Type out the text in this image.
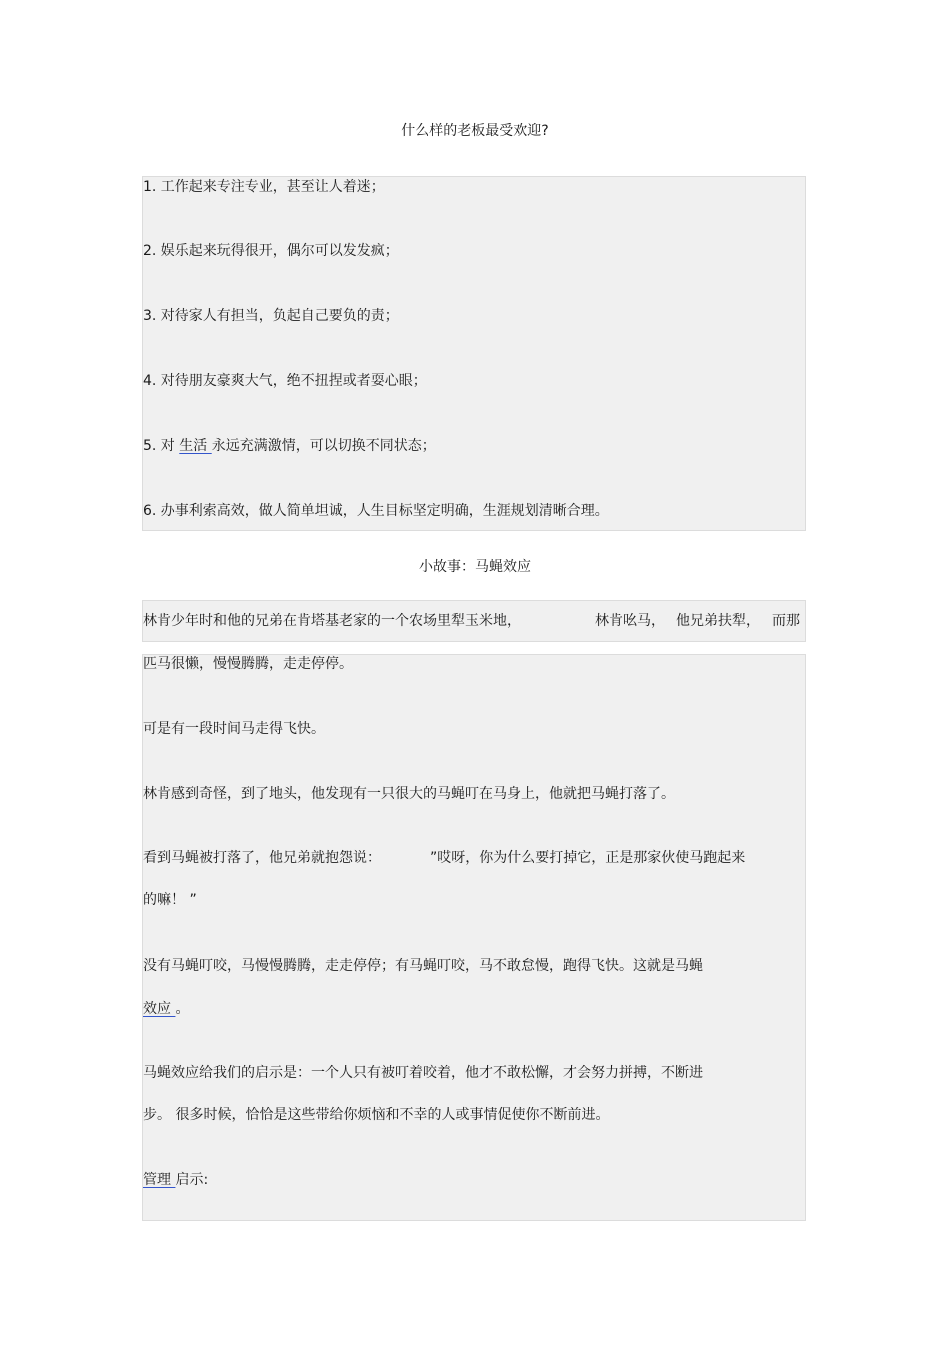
什么样的老板最受欢迎?
1. 工作起来专注专业，甚至让人着迷；
2. 娱乐起来玩得很开，偶尔可以发发疯；
3. 对待家人有担当，负起自己要负的责；
4. 对待朋友豪爽大气，绝不扭捏或者耍心眼；
5. 对 生活 永远充满激情，可以切换不同状态；
6. 办事利索高效，做人简单坦诚，人生目标坚定明确，生涯规划清晰合理。
小故事：马蝇效应
林肯少年时和他的兄弟在肯塔基老家的一个农场里犁玉米地，	林肯吆马， 他兄弟扶犁， 而那
匹马很懒，慢慢腾腾，走走停停。
可是有一段时间马走得飞快。
林肯感到奇怪，到了地头，他发现有一只很大的马蝇叮在马身上，他就把马蝇打落了。
看到马蝇被打落了，他兄弟就抱怨说：	”哎呀，你为什么要打掉它，正是那家伙使马跑起来
的嘛！ ”
没有马蝇叮咬，马慢慢腾腾，走走停停；有马蝇叮咬，马不敢怠慢，跑得飞快。这就是马蝇
效应 。
马蝇效应给我们的启示是：一个人只有被叮着咬着，他才不敢松懈，才会努力拼搏，不断进
步。 很多时候，恰恰是这些带给你烦恼和不幸的人或事情促使你不断前进。
管理 启示:
